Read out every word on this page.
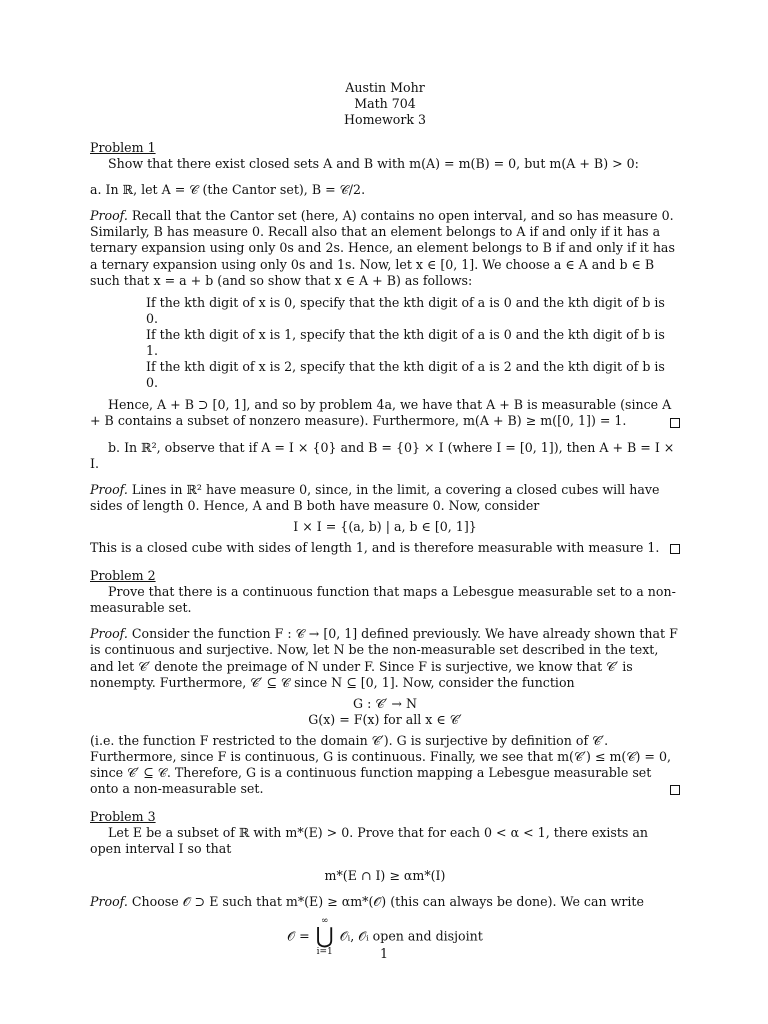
Austin Mohr
Math 704
Homework 3
Problem 1

Show that there exist closed sets A and B with m(A) = m(B) = 0, but m(A + B) > 0:

a. In ℝ, let A = 𝒞 (the Cantor set), B = 𝒞/2.

Proof. Recall that the Cantor set (here, A) contains no open interval, and so has measure 0. Similarly, B has measure 0. Recall also that an element belongs to A if and only if it has a ternary expansion using only 0s and 2s. Hence, an element belongs to B if and only if it has a ternary expansion using only 0s and 1s. Now, let x ∈ [0, 1]. We choose a ∈ A and b ∈ B such that x = a + b (and so show that x ∈ A + B) as follows:

If the kth digit of x is 0, specify that the kth digit of a is 0 and the kth digit of b is 0.
If the kth digit of x is 1, specify that the kth digit of a is 0 and the kth digit of b is 1.
If the kth digit of x is 2, specify that the kth digit of a is 2 and the kth digit of b is 0.

Hence, A + B ⊃ [0, 1], and so by problem 4a, we have that A + B is measurable (since A + B contains a subset of nonzero measure). Furthermore, m(A + B) ≥ m([0, 1]) = 1.

b. In ℝ², observe that if A = I × {0} and B = {0} × I (where I = [0, 1]), then A + B = I × I.

Proof. Lines in ℝ² have measure 0, since, in the limit, a covering a closed cubes will have sides of length 0. Hence, A and B both have measure 0. Now, consider

I × I = {(a, b) | a, b ∈ [0, 1]}

This is a closed cube with sides of length 1, and is therefore measurable with measure 1.

Problem 2

Prove that there is a continuous function that maps a Lebesgue measurable set to a non-measurable set.

Proof. Consider the function F : 𝒞 → [0, 1] defined previously. We have already shown that F is continuous and surjective. Now, let N be the non-measurable set described in the text, and let 𝒞′ denote the preimage of N under F. Since F is surjective, we know that 𝒞′ is nonempty. Furthermore, 𝒞′ ⊆ 𝒞 since N ⊆ [0, 1]. Now, consider the function

G : 𝒞′ → N
G(x) = F(x) for all x ∈ 𝒞′

(i.e. the function F restricted to the domain 𝒞′). G is surjective by definition of 𝒞′. Furthermore, since F is continuous, G is continuous. Finally, we see that m(𝒞′) ≤ m(𝒞) = 0, since 𝒞′ ⊆ 𝒞. Therefore, G is a continuous function mapping a Lebesgue measurable set onto a non-measurable set.

Problem 3

Let E be a subset of ℝ with m*(E) > 0. Prove that for each 0 < α < 1, there exists an open interval I so that

m*(E ∩ I) ≥ αm*(I)

Proof. Choose 𝒪 ⊃ E such that m*(E) ≥ αm*(𝒪) (this can always be done). We can write

𝒪 =
∞
⋃
i=1
𝒪ᵢ, 𝒪ᵢ open and disjoint
1
